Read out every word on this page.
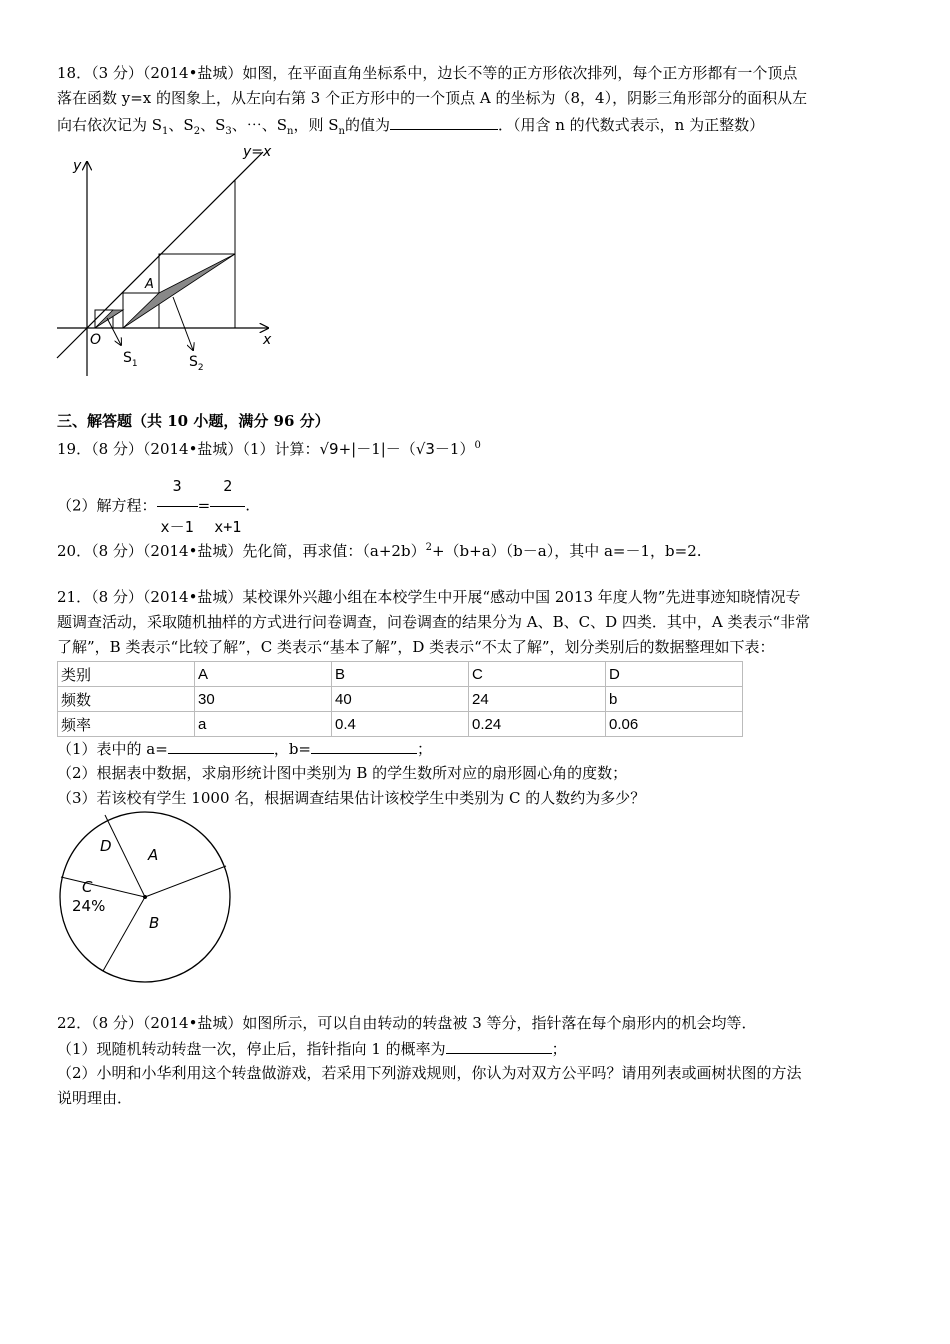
18．（3 分）（2014•盐城）如图，在平面直角坐标系中，边长不等的正方形依次排列，每个正方形都有一个顶点
落在函数 y=x 的图象上，从左向右第 3 个正方形中的一个顶点 A 的坐标为（8，4），阴影三角形部分的面积从左
向右依次记为 $S_1$、$S_2$、$S_3$、⋯、$S_n$，则 $S_n$的值为	．（用含 n 的代数式表示，n 为正整数）
y
x
y=x
O
A
$S_1$	$S_2$
三、解答题（共 10 小题，满分 96 分）
19．（8 分）（2014•盐城）（1）计算：$√9+|-1|-(√3-1)^0$
（2）解方程： $\frac{3}{x-1} = \frac{2}{x+1}$ .
20．（8 分）（2014•盐城）先化简，再求值：$(a+2b)^2+(b+a)(b-a)$，其中 a=－1，b=2.
21．（8 分）（2014•盐城）某校课外兴趣小组在本校学生中开展“感动中国 2013 年度人物”先进事迹知晓情况专
题调查活动，采取随机抽样的方式进行问卷调查，问卷调查的结果分为 A、B、C、D 四类．其中，A 类表示“非常
了解”，B 类表示“比较了解”，C 类表示“基本了解”，D 类表示“不太了解”，划分类别后的数据整理如下表：
类别	A	B	C	D
频数	30	40	24	b
频率	a	0.4	0.24	0.06
（1）表中的 a=	，b=	；
（2）根据表中数据，求扇形统计图中类别为 B 的学生数所对应的扇形圆心角的度数；
（3）若该校有学生 1000 名，根据调查结果估计该校学生中类别为 C 的人数约为多少？
D A
C
24%
B
22．（8 分）（2014•盐城）如图所示，可以自由转动的转盘被 3 等分，指针落在每个扇形内的机会均等．
（1）现随机转动转盘一次，停止后，指针指向 1 的概率为	；
（2）小明和小华利用这个转盘做游戏，若采用下列游戏规则，你认为对双方公平吗？请用列表或画树状图的方法
说明理由．
